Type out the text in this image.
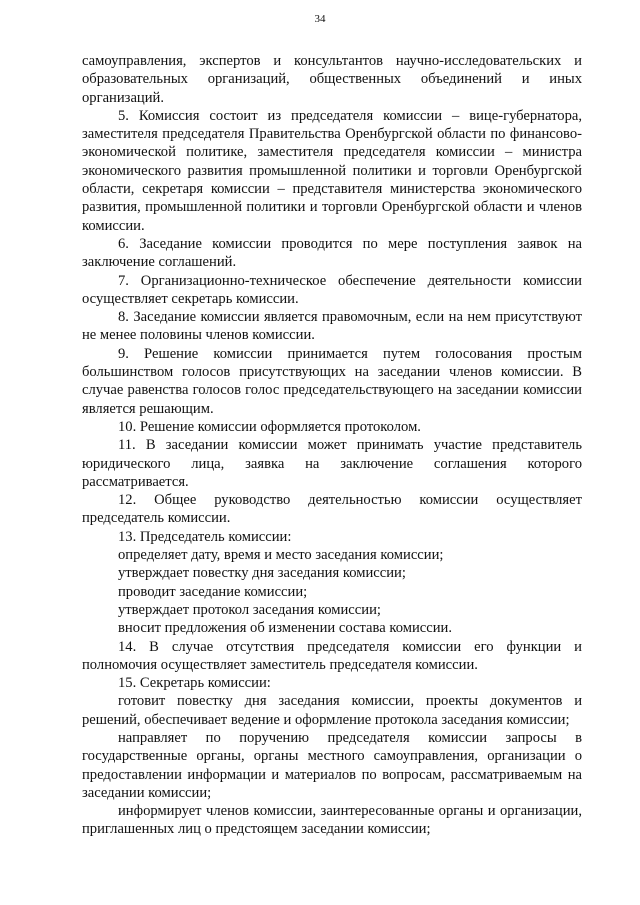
34

самоуправления, экспертов и консультантов научно-исследовательских и образовательных организаций, общественных объединений и иных организаций.

5. Комиссия состоит из председателя комиссии – вице-губернатора, заместителя председателя Правительства Оренбургской области по финансово-экономической политике, заместителя председателя комиссии – министра экономического развития промышленной политики и торговли Оренбургской области, секретаря комиссии – представителя министерства экономического развития, промышленной политики и торговли Оренбургской области и членов комиссии.

6. Заседание комиссии проводится по мере поступления заявок на заключение соглашений.

7. Организационно-техническое обеспечение деятельности комиссии осуществляет секретарь комиссии.

8. Заседание комиссии является правомочным, если на нем присутствуют не менее половины членов комиссии.

9. Решение комиссии принимается путем голосования простым большинством голосов присутствующих на заседании членов комиссии. В случае равенства голосов голос председательствующего на заседании комиссии является решающим.

10. Решение комиссии оформляется протоколом.

11. В заседании комиссии может принимать участие представитель юридического лица, заявка на заключение соглашения которого рассматривается.

12. Общее руководство деятельностью комиссии осуществляет председатель комиссии.

13. Председатель комиссии:

определяет дату, время и место заседания комиссии;

утверждает повестку дня заседания комиссии;

проводит заседание комиссии;

утверждает протокол заседания комиссии;

вносит предложения об изменении состава комиссии.

14. В случае отсутствия председателя комиссии его функции и полномочия осуществляет заместитель председателя комиссии.

15. Секретарь комиссии:

готовит повестку дня заседания комиссии, проекты документов и решений, обеспечивает ведение и оформление протокола заседания комиссии;

направляет по поручению председателя комиссии запросы в государственные органы, органы местного самоуправления, организации о предоставлении информации и материалов по вопросам, рассматриваемым на заседании комиссии;

информирует членов комиссии, заинтересованные органы и организации, приглашенных лиц о предстоящем заседании комиссии;
